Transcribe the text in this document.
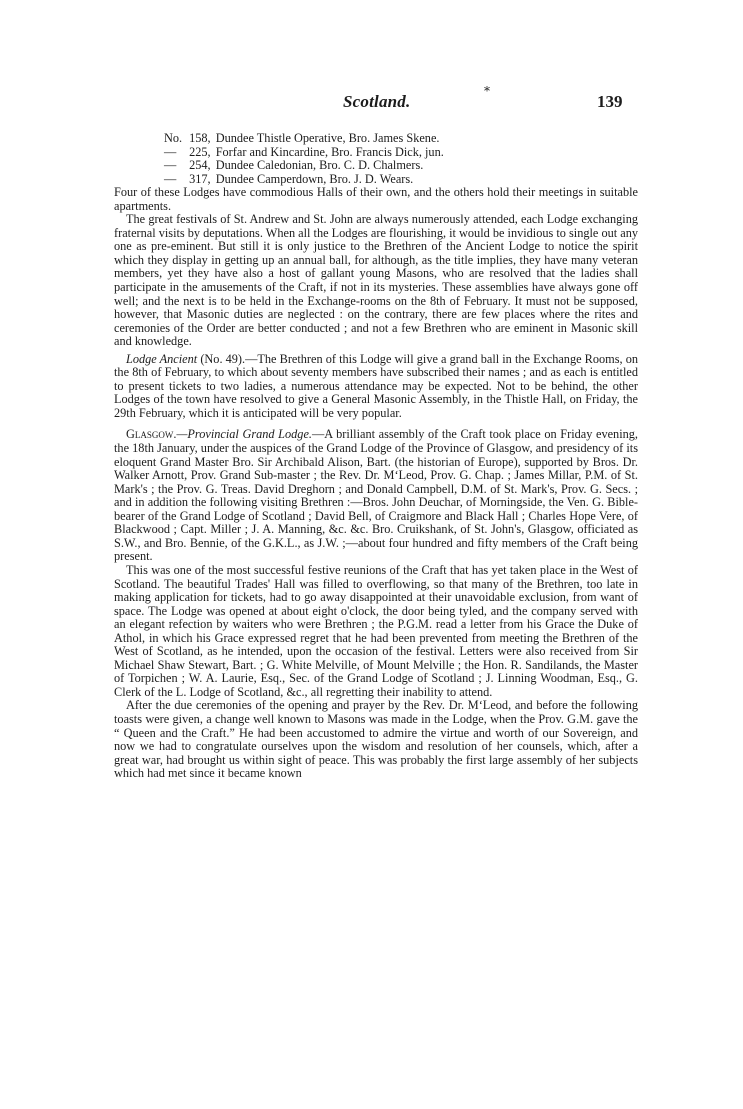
*
Scotland.	139
No. 158, Dundee Thistle Operative, Bro. James Skene.
— 225, Forfar and Kincardine, Bro. Francis Dick, jun.
— 254, Dundee Caledonian, Bro. C. D. Chalmers.
— 317, Dundee Camperdown, Bro. J. D. Wears.

Four of these Lodges have commodious Halls of their own, and the others hold their meetings in suitable apartments.

The great festivals of St. Andrew and St. John are always numerously attended, each Lodge exchanging fraternal visits by deputations. When all the Lodges are flourishing, it would be invidious to single out any one as pre-eminent. But still it is only justice to the Brethren of the Ancient Lodge to notice the spirit which they display in getting up an annual ball, for although, as the title implies, they have many veteran members, yet they have also a host of gallant young Masons, who are resolved that the ladies shall participate in the amusements of the Craft, if not in its mysteries. These assemblies have always gone off well; and the next is to be held in the Exchange-rooms on the 8th of February. It must not be supposed, however, that Masonic duties are neglected : on the contrary, there are few places where the rites and ceremonies of the Order are better conducted ; and not a few Brethren who are eminent in Masonic skill and knowledge.

Lodge Ancient (No. 49).—The Brethren of this Lodge will give a grand ball in the Exchange Rooms, on the 8th of February, to which about seventy members have subscribed their names ; and as each is entitled to present tickets to two ladies, a numerous attendance may be expected. Not to be behind, the other Lodges of the town have resolved to give a General Masonic Assembly, in the Thistle Hall, on Friday, the 29th February, which it is anticipated will be very popular.

Glasgow.—Provincial Grand Lodge.—A brilliant assembly of the Craft took place on Friday evening, the 18th January, under the auspices of the Grand Lodge of the Province of Glasgow, and presidency of its eloquent Grand Master Bro. Sir Archibald Alison, Bart. (the historian of Europe), supported by Bros. Dr. Walker Arnott, Prov. Grand Sub-master ; the Rev. Dr. M‘Leod, Prov. G. Chap. ; James Millar, P.M. of St. Mark's ; the Prov. G. Treas. David Dreghorn ; and Donald Campbell, D.M. of St. Mark's, Prov. G. Secs. ; and in addition the following visiting Brethren :—Bros. John Deuchar, of Morningside, the Ven. G. Bible-bearer of the Grand Lodge of Scotland ; David Bell, of Craigmore and Black Hall ; Charles Hope Vere, of Blackwood ; Capt. Miller ; J. A. Manning, &c. &c. Bro. Cruikshank, of St. John's, Glasgow, officiated as S.W., and Bro. Bennie, of the G.K.L., as J.W. ;—about four hundred and fifty members of the Craft being present.

This was one of the most successful festive reunions of the Craft that has yet taken place in the West of Scotland. The beautiful Trades' Hall was filled to overflowing, so that many of the Brethren, too late in making application for tickets, had to go away disappointed at their unavoidable exclusion, from want of space. The Lodge was opened at about eight o'clock, the door being tyled, and the company served with an elegant refection by waiters who were Brethren ; the P.G.M. read a letter from his Grace the Duke of Athol, in which his Grace expressed regret that he had been prevented from meeting the Brethren of the West of Scotland, as he intended, upon the occasion of the festival. Letters were also received from Sir Michael Shaw Stewart, Bart. ; G. White Melville, of Mount Melville ; the Hon. R. Sandilands, the Master of Torpichen ; W. A. Laurie, Esq., Sec. of the Grand Lodge of Scotland ; J. Linning Woodman, Esq., G. Clerk of the L. Lodge of Scotland, &c., all regretting their inability to attend.

After the due ceremonies of the opening and prayer by the Rev. Dr. M‘Leod, and before the following toasts were given, a change well known to Masons was made in the Lodge, when the Prov. G.M. gave the “ Queen and the Craft.” He had been accustomed to admire the virtue and worth of our Sovereign, and now we had to congratulate ourselves upon the wisdom and resolution of her counsels, which, after a great war, had brought us within sight of peace. This was probably the first large assembly of her subjects which had met since it became known
